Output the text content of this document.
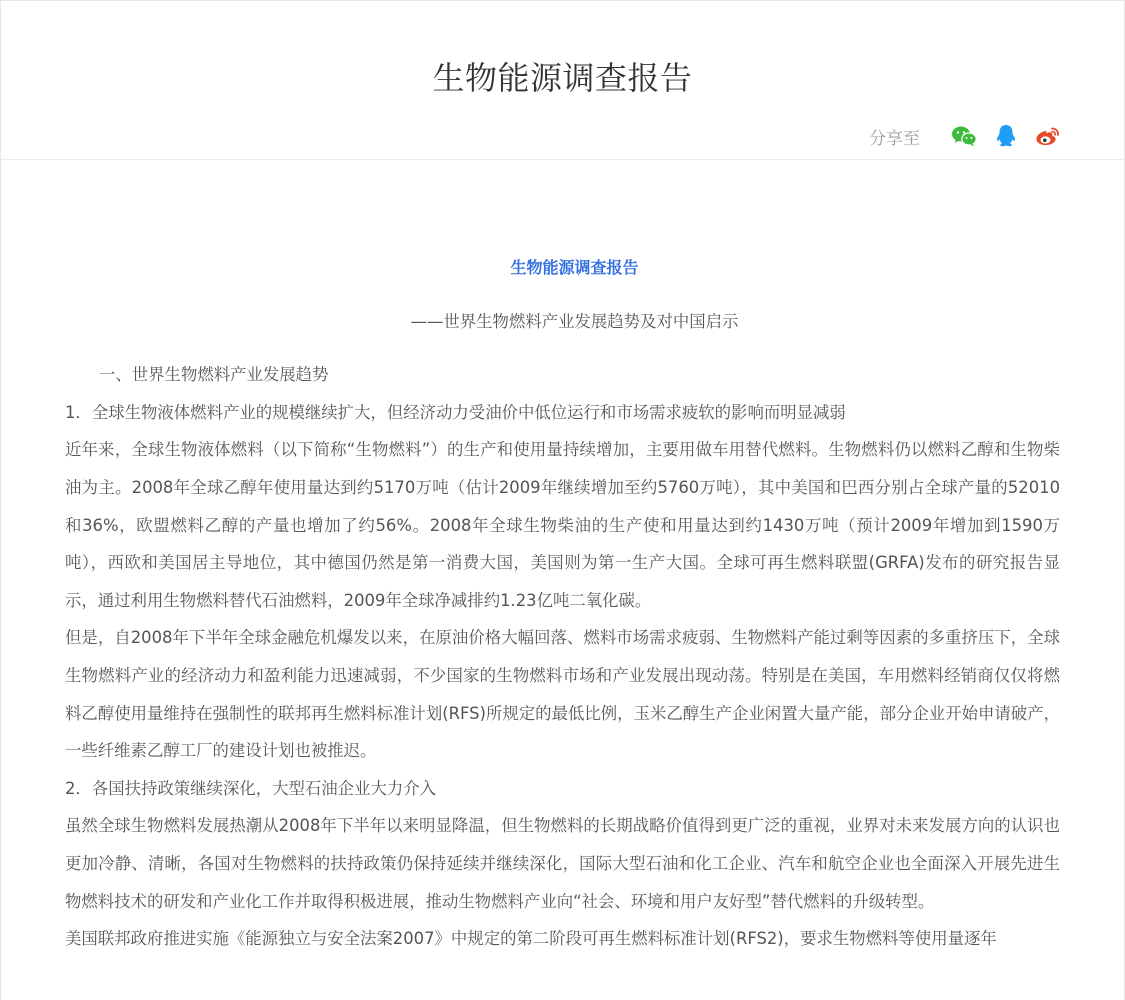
生物能源调查报告
分享至

生物能源调查报告

——世界生物燃料产业发展趋势及对中国启示

一、世界生物燃料产业发展趋势

1．全球生物液体燃料产业的规模继续扩大，但经济动力受油价中低位运行和市场需求疲软的影响而明显减弱

近年来，全球生物液体燃料（以下简称“生物燃料”）的生产和使用量持续增加，主要用做车用替代燃料。生物燃料仍以燃料乙醇和生物柴油为主。2008年全球乙醇年使用量达到约5170万吨（估计2009年继续增加至约5760万吨），其中美国和巴西分别占全球产量的52010和36%，欧盟燃料乙醇的产量也增加了约56%。2008年全球生物柴油的生产使和用量达到约1430万吨（预计2009年增加到1590万吨），西欧和美国居主导地位，其中德国仍然是第一消费大国，美国则为第一生产大国。全球可再生燃料联盟(GRFA)发布的研究报告显示，通过利用生物燃料替代石油燃料，2009年全球净减排约1.23亿吨二氧化碳。

但是，自2008年下半年全球金融危机爆发以来，在原油价格大幅回落、燃料市场需求疲弱、生物燃料产能过剩等因素的多重挤压下，全球生物燃料产业的经济动力和盈利能力迅速减弱，不少国家的生物燃料市场和产业发展出现动荡。特别是在美国，车用燃料经销商仅仅将燃料乙醇使用量维持在强制性的联邦再生燃料标准计划(RFS)所规定的最低比例，玉米乙醇生产企业闲置大量产能，部分企业开始申请破产，一些纤维素乙醇工厂的建设计划也被推迟。

2．各国扶持政策继续深化，大型石油企业大力介入

虽然全球生物燃料发展热潮从2008年下半年以来明显降温，但生物燃料的长期战略价值得到更广泛的重视，业界对未来发展方向的认识也更加冷静、清晰，各国对生物燃料的扶持政策仍保持延续并继续深化，国际大型石油和化工企业、汽车和航空企业也全面深入开展先进生物燃料技术的研发和产业化工作并取得积极进展，推动生物燃料产业向“社会、环境和用户友好型”替代燃料的升级转型。

美国联邦政府推进实施《能源独立与安全法案2007》中规定的第二阶段可再生燃料标准计划(RFS2)，要求生物燃料等使用量逐年
